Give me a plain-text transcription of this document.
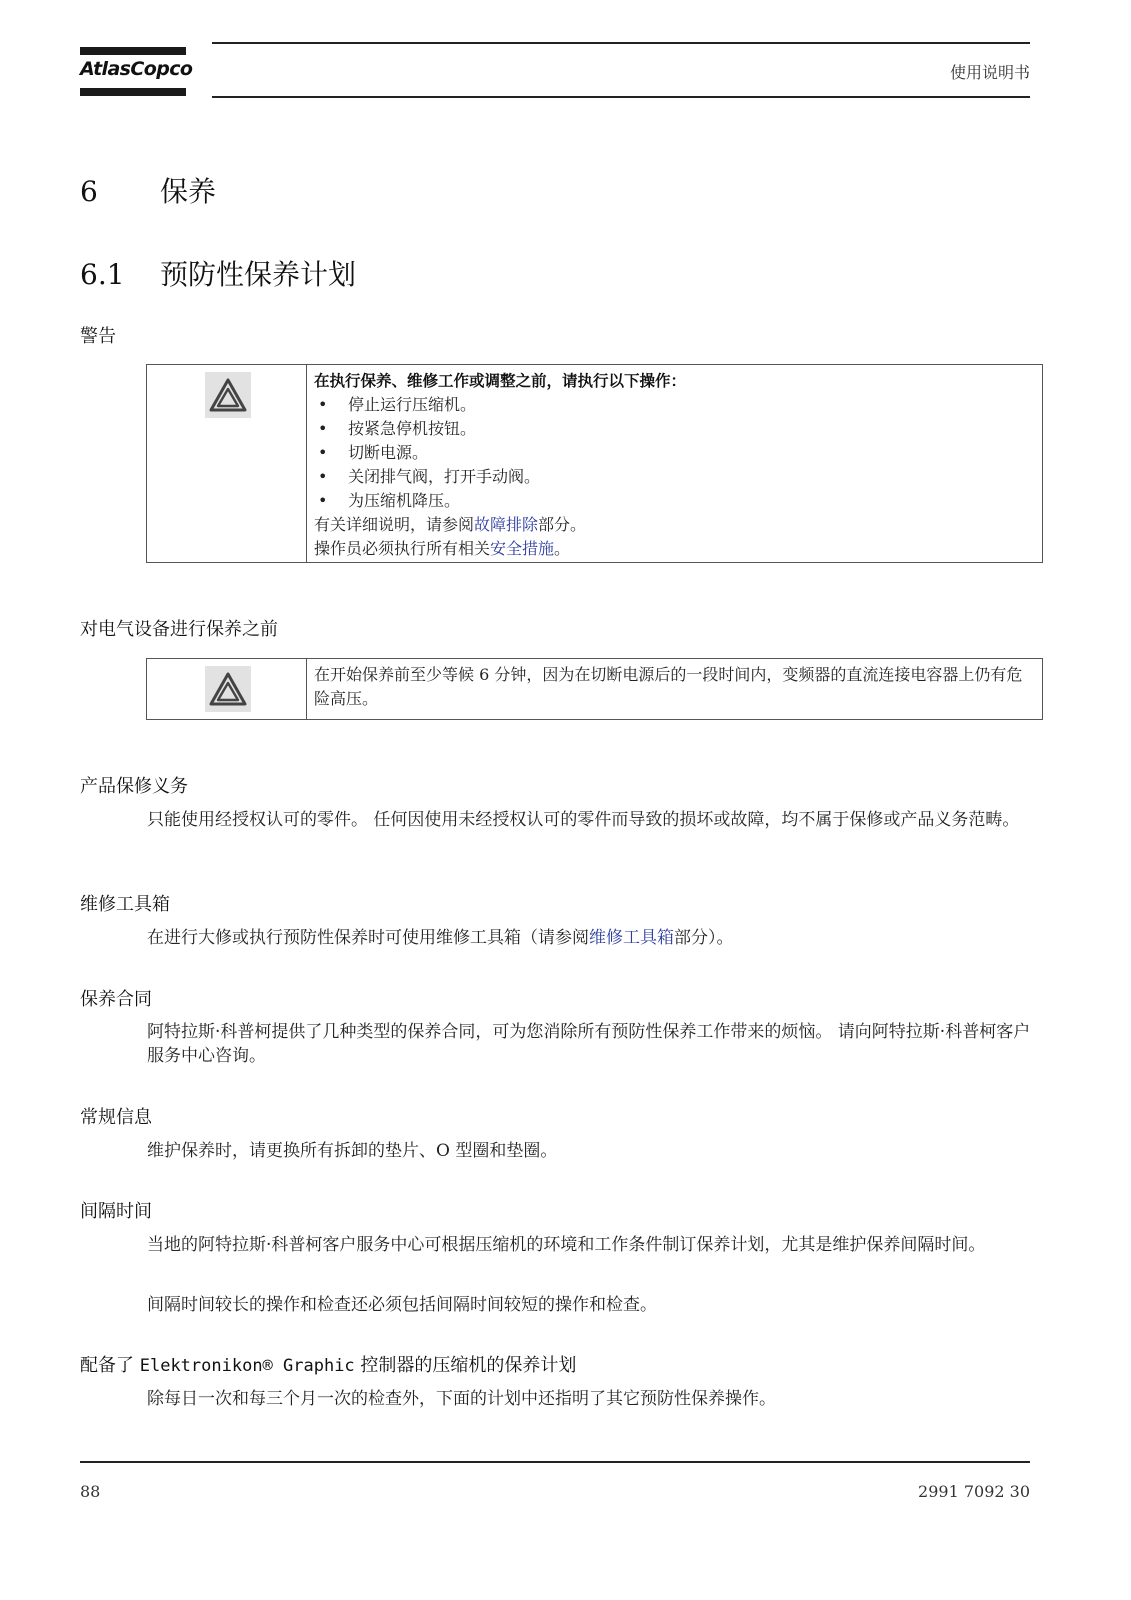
AtlasCopco	使用说明书
6 保养
6.1 预防性保养计划
警告
在执行保养、维修工作或调整之前，请执行以下操作：
•	停止运行压缩机。
•	按紧急停机按钮。
•	切断电源。
•	关闭排气阀，打开手动阀。
•	为压缩机降压。
有关详细说明，请参阅故障排除部分。
操作员必须执行所有相关安全措施。
对电气设备进行保养之前
在开始保养前至少等候 6 分钟，因为在切断电源后的一段时间内，变频器的直流连接电容器上仍有危险高压。
产品保修义务
只能使用经授权认可的零件。 任何因使用未经授权认可的零件而导致的损坏或故障，均不属于保修或产品义务范畴。
维修工具箱
在进行大修或执行预防性保养时可使用维修工具箱（请参阅维修工具箱部分）。
保养合同
阿特拉斯·科普柯提供了几种类型的保养合同，可为您消除所有预防性保养工作带来的烦恼。 请向阿特拉斯·科普柯客户服务中心咨询。
常规信息
维护保养时，请更换所有拆卸的垫片、O 型圈和垫圈。
间隔时间
当地的阿特拉斯·科普柯客户服务中心可根据压缩机的环境和工作条件制订保养计划，尤其是维护保养间隔时间。
间隔时间较长的操作和检查还必须包括间隔时间较短的操作和检查。
配备了 Elektronikon® Graphic 控制器的压缩机的保养计划
除每日一次和每三个月一次的检查外，下面的计划中还指明了其它预防性保养操作。
88	2991 7092 30
